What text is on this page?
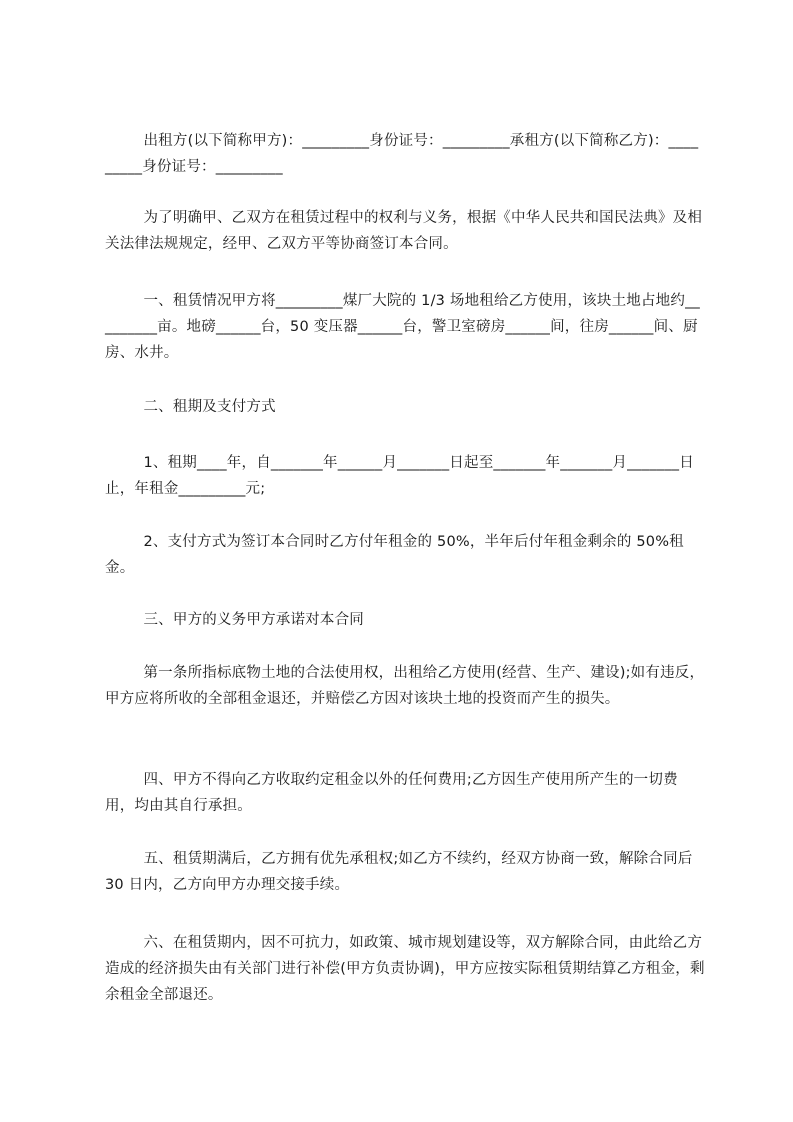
出租方(以下简称甲方)：_________身份证号：_________承租方(以下简称乙方)：_________身份证号：_________
为了明确甲、乙双方在租赁过程中的权利与义务，根据《中华人民共和国民法典》及相关法律法规规定，经甲、乙双方平等协商签订本合同。
一、租赁情况甲方将_________煤厂大院的 1/3 场地租给乙方使用，该块土地占地约_________亩。地磅______台，50 变压器______台，警卫室磅房______间，往房______间、厨房、水井。
二、租期及支付方式
1、租期____年，自_______年______月_______日起至_______年_______月_______日止，年租金_________元;
2、支付方式为签订本合同时乙方付年租金的 50%，半年后付年租金剩余的 50%租金。
三、甲方的义务甲方承诺对本合同
第一条所指标底物土地的合法使用权，出租给乙方使用(经营、生产、建设);如有违反，甲方应将所收的全部租金退还，并赔偿乙方因对该块土地的投资而产生的损失。
四、甲方不得向乙方收取约定租金以外的任何费用;乙方因生产使用所产生的一切费用，均由其自行承担。
五、租赁期满后，乙方拥有优先承租权;如乙方不续约，经双方协商一致，解除合同后 30 日内，乙方向甲方办理交接手续。
六、在租赁期内，因不可抗力，如政策、城市规划建设等，双方解除合同，由此给乙方造成的经济损失由有关部门进行补偿(甲方负责协调)，甲方应按实际租赁期结算乙方租金，剩余租金全部退还。
